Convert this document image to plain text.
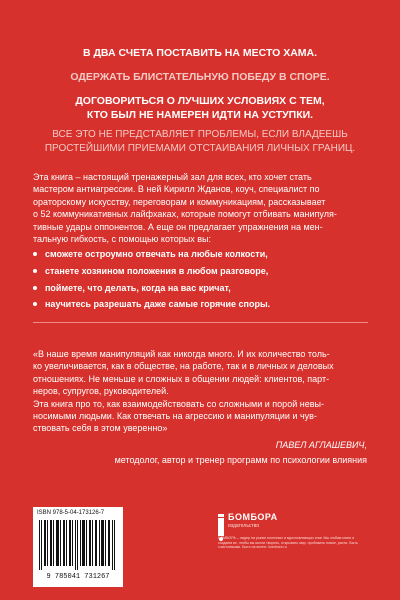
В ДВА СЧЕТА ПОСТАВИТЬ НА МЕСТО ХАМА.
ОДЕРЖАТЬ БЛИСТАТЕЛЬНУЮ ПОБЕДУ В СПОРЕ.
ДОГОВОРИТЬСЯ О ЛУЧШИХ УСЛОВИЯХ С ТЕМ,
КТО БЫЛ НЕ НАМЕРЕН ИДТИ НА УСТУПКИ.
ВСЕ ЭТО НЕ ПРЕДСТАВЛЯЕТ ПРОБЛЕМЫ, ЕСЛИ ВЛАДЕЕШЬ
ПРОСТЕЙШИМИ ПРИЕМАМИ ОТСТАИВАНИЯ ЛИЧНЫХ ГРАНИЦ.
Эта книга – настоящий тренажерный зал для всех, кто хочет стать
мастером антиагрессии. В ней Кирилл Жданов, коуч, специалист по
ораторскому искусству, переговорам и коммуникациям, рассказывает
о 52 коммуникативных лайфхаках, которые помогут отбивать манипуля-
тивные удары оппонентов. А еще он предлагает упражнения на мен-
тальную гибкость, с помощью которых вы:
сможете остроумно отвечать на любые колкости,
станете хозяином положения в любом разговоре,
поймете, что делать, когда на вас кричат,
научитесь разрешать даже самые горячие споры.
«В наше время манипуляций как никогда много. И их количество толь-
ко увеличивается, как в обществе, на работе, так и в личных и деловых
отношениях. Не меньше и сложных в общении людей: клиентов, парт-
неров, супругов, руководителей.
Эта книга про то, как взаимодействовать со сложными и порой невы-
носимыми людьми. Как отвечать на агрессию и манипуляции и чув-
ствовать себя в этом уверенно»
ПАВЕЛ АГЛАШЕВИЧ,
методолог, автор и тренер программ по психологии влияния
ISBN 978-5-04-173126-7
9 785041 731267
БОМБОРА
издательство
БОМБОРА – лидер на рынке полезных и вдохновляющих книг. Мы любим книги и создаем их, чтобы вы могли творить, открывать мир, пробовать новое, расти. Быть счастливыми. Быть на волне. bombora.ru
